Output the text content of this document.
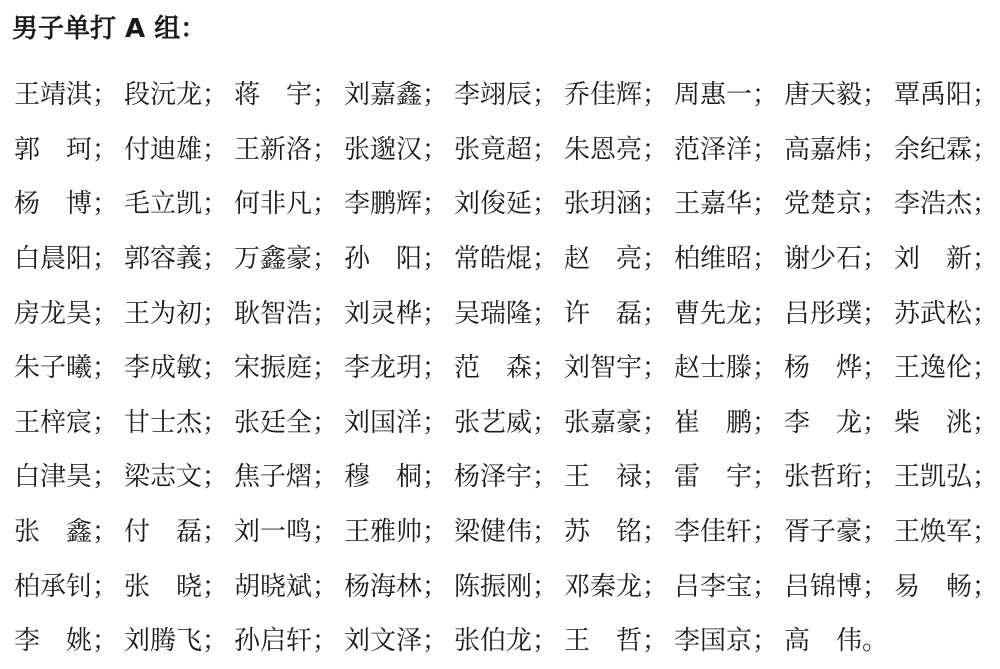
男子单打 A 组：
王靖淇； 段沅龙； 蒋　宇； 刘嘉鑫； 李翊辰； 乔佳辉； 周惠一； 唐天毅； 覃禹阳；
郭　珂； 付迪雄； 王新洛； 张邈汉； 张竟超； 朱恩亮； 范泽洋； 高嘉炜； 余纪霖；
杨　博； 毛立凯； 何非凡； 李鹏辉； 刘俊延； 张玥涵； 王嘉华； 党楚京； 李浩杰；
白晨阳； 郭容義； 万鑫豪； 孙　阳； 常皓焜； 赵　亮； 柏维昭； 谢少石； 刘　新；
房龙昊； 王为初； 耿智浩； 刘灵桦； 吴瑞隆； 许　磊； 曹先龙； 吕彤璞； 苏武松；
朱子曦； 李成敏； 宋振庭； 李龙玥； 范　森； 刘智宇； 赵士滕； 杨　烨； 王逸伦；
王梓宸； 甘士杰； 张廷全； 刘国洋； 张艺威； 张嘉豪； 崔　鹏； 李　龙； 柴　洮；
白津昊； 梁志文； 焦子熠； 穆　桐； 杨泽宇； 王　禄； 雷　宇； 张哲珩； 王凯弘；
张　鑫； 付　磊； 刘一鸣； 王雅帅； 梁健伟； 苏　铭； 李佳轩； 胥子豪； 王焕军；
柏承钊； 张　晓； 胡晓斌； 杨海林； 陈振刚； 邓秦龙； 吕李宝； 吕锦博； 易　畅；
李　姚； 刘腾飞； 孙启轩； 刘文泽； 张伯龙； 王　哲； 李国京； 高　伟。
